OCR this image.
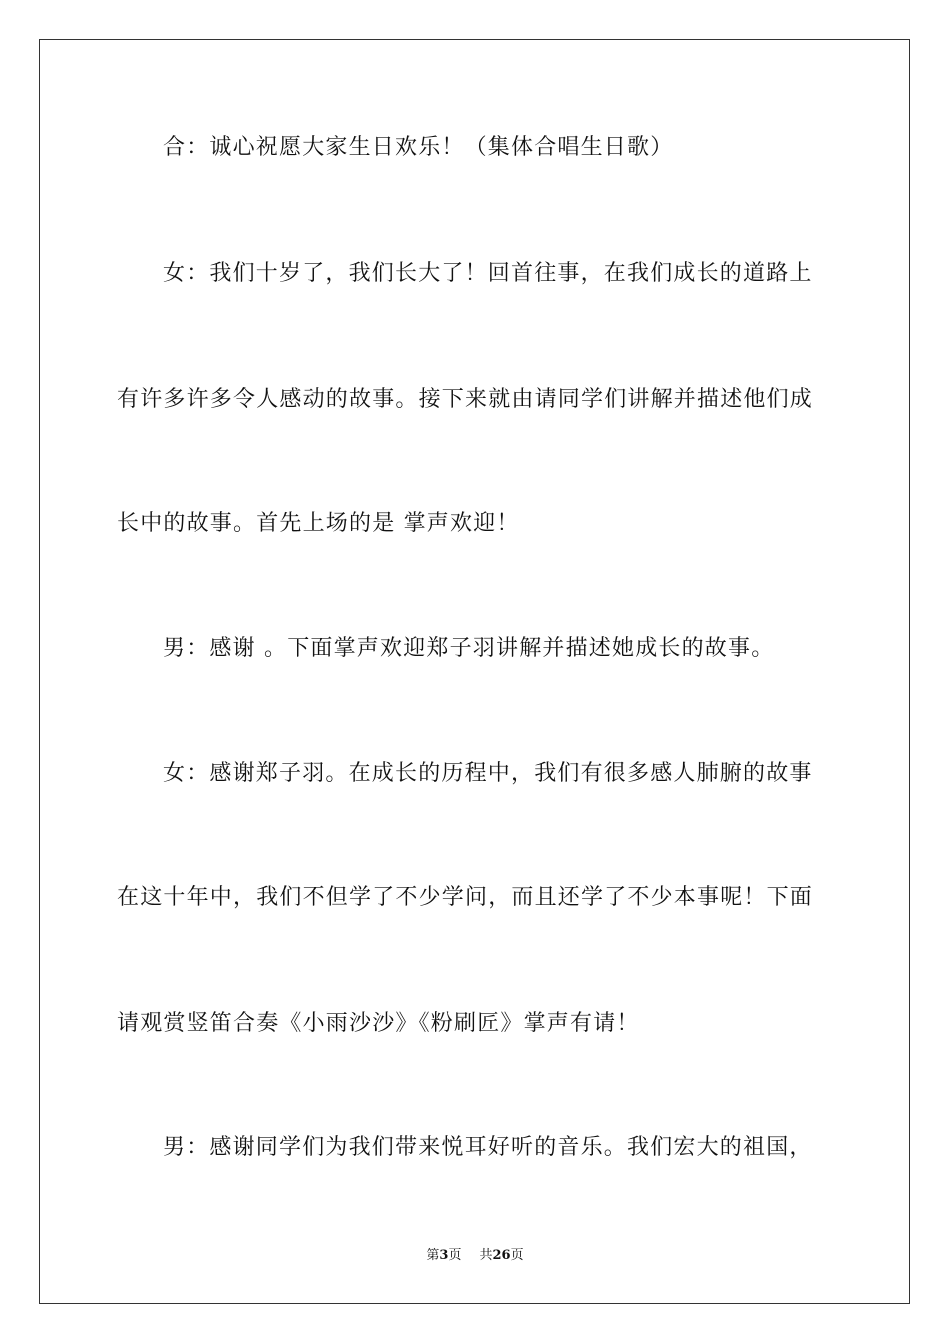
合：诚心祝愿大家生日欢乐！（集体合唱生日歌）
女：我们十岁了，我们长大了！回首往事，在我们成长的道路上
有许多许多令人感动的故事。接下来就由请同学们讲解并描述他们成
长中的故事。首先上场的是 掌声欢迎！
男：感谢 。下面掌声欢迎郑子羽讲解并描述她成长的故事。
女：感谢郑子羽。在成长的历程中，我们有很多感人肺腑的故事
在这十年中，我们不但学了不少学问，而且还学了不少本事呢！下面
请观赏竖笛合奏《小雨沙沙》《粉刷匠》掌声有请！
男：感谢同学们为我们带来悦耳好听的音乐。我们宏大的祖国，
第3页 共26页
